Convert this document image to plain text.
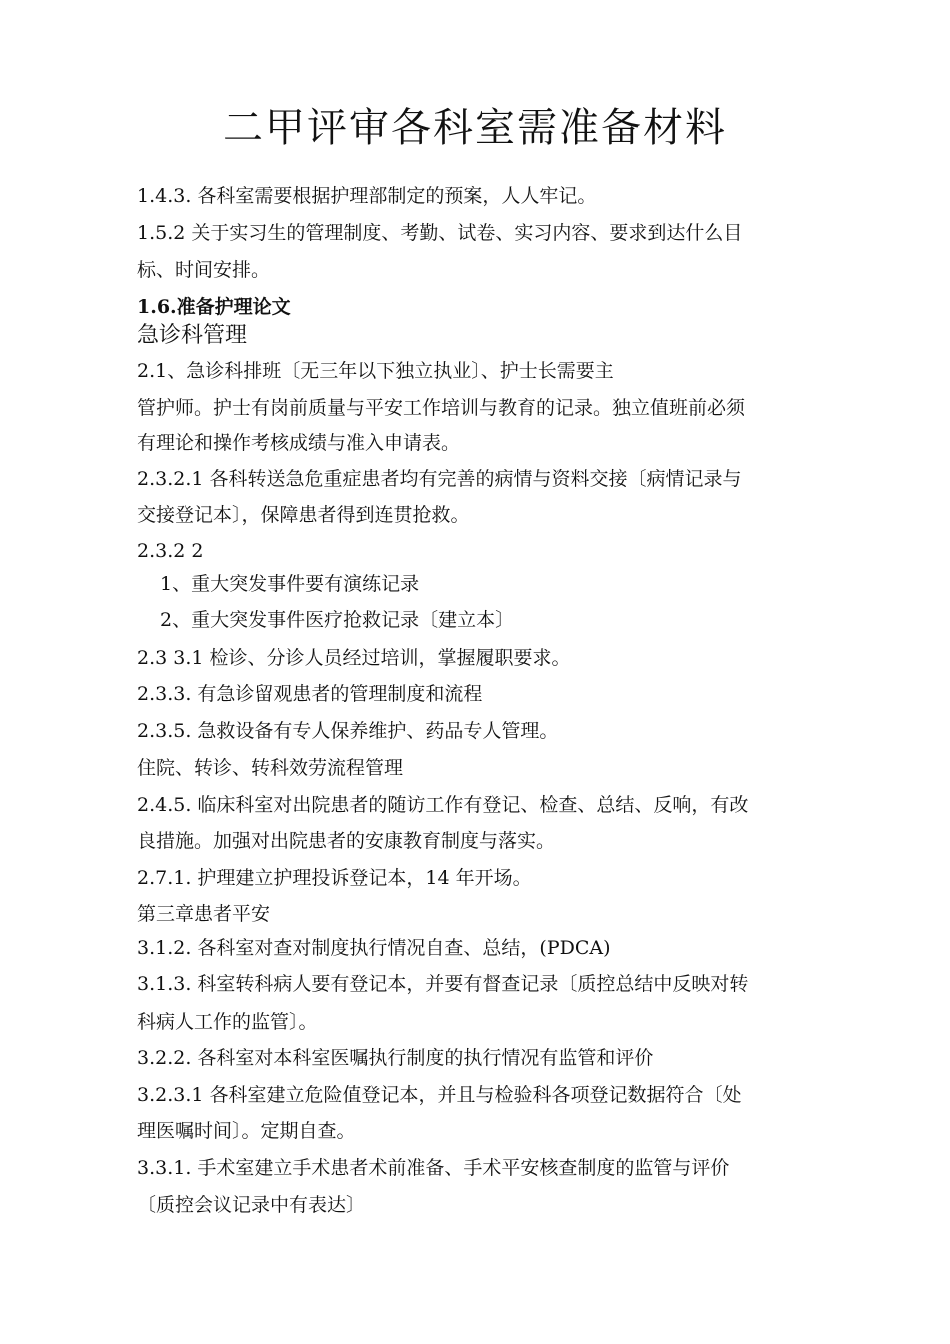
二甲评审各科室需准备材料
1.4.3. 各科室需要根据护理部制定的预案，人人牢记。
1.5.2 关于实习生的管理制度、考勤、试卷、实习内容、要求到达什么目
标、时间安排。
1.6.准备护理论文
急诊科管理
2.1、急诊科排班〔无三年以下独立执业〕、护士长需要主
管护师。护士有岗前质量与平安工作培训与教育的记录。独立值班前必须
有理论和操作考核成绩与准入申请表。
2.3.2.1 各科转送急危重症患者均有完善的病情与资料交接〔病情记录与
交接登记本〕，保障患者得到连贯抢救。
2.3.2 2
1、重大突发事件要有演练记录
2、重大突发事件医疗抢救记录〔建立本〕
2.3 3.1 检诊、分诊人员经过培训，掌握履职要求。
2.3.3. 有急诊留观患者的管理制度和流程
2.3.5. 急救设备有专人保养维护、药品专人管理。
住院、转诊、转科效劳流程管理
2.4.5. 临床科室对出院患者的随访工作有登记、检查、总结、反响，有改
良措施。加强对出院患者的安康教育制度与落实。
2.7.1. 护理建立护理投诉登记本，14 年开场。
第三章患者平安
3.1.2. 各科室对查对制度执行情况自查、总结，(PDCA)
3.1.3. 科室转科病人要有登记本，并要有督查记录〔质控总结中反映对转
科病人工作的监管〕。
3.2.2. 各科室对本科室医嘱执行制度的执行情况有监管和评价
3.2.3.1 各科室建立危险值登记本，并且与检验科各项登记数据符合〔处
理医嘱时间〕。定期自查。
3.3.1. 手术室建立手术患者术前准备、手术平安核查制度的监管与评价
〔质控会议记录中有表达〕
